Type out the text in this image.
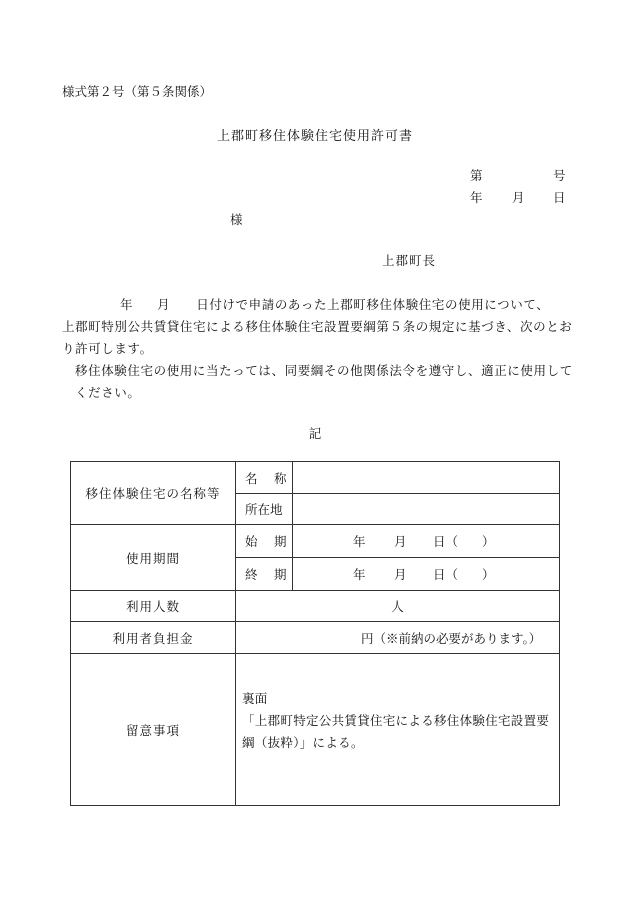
様式第２号（第５条関係）
上郡町移住体験住宅使用許可書
第	号
年 月 日
様
上郡町長

年 月 日付けで申請のあった上郡町移住体験住宅の使用について、

上郡町特別公共賃貸住宅による移住体験住宅設置要綱第５条の規定に基づき、次のとおり許可します。

移住体験住宅の使用に当たっては、同要綱その他関係法令を遵守し、適正に使用してください。

記
移住体験住宅の名称等	名　称	
	所在地	
使用期間	始　期	年 月 日（ ）

	終　期	年 月 日（ ）

利用人数	人	
利用者負担金	円（※前納の必要があります。）	

留意事項	裏面
「上郡町特定公共賃貸住宅による移住体験住宅設置要綱（抜粋）」による。	
